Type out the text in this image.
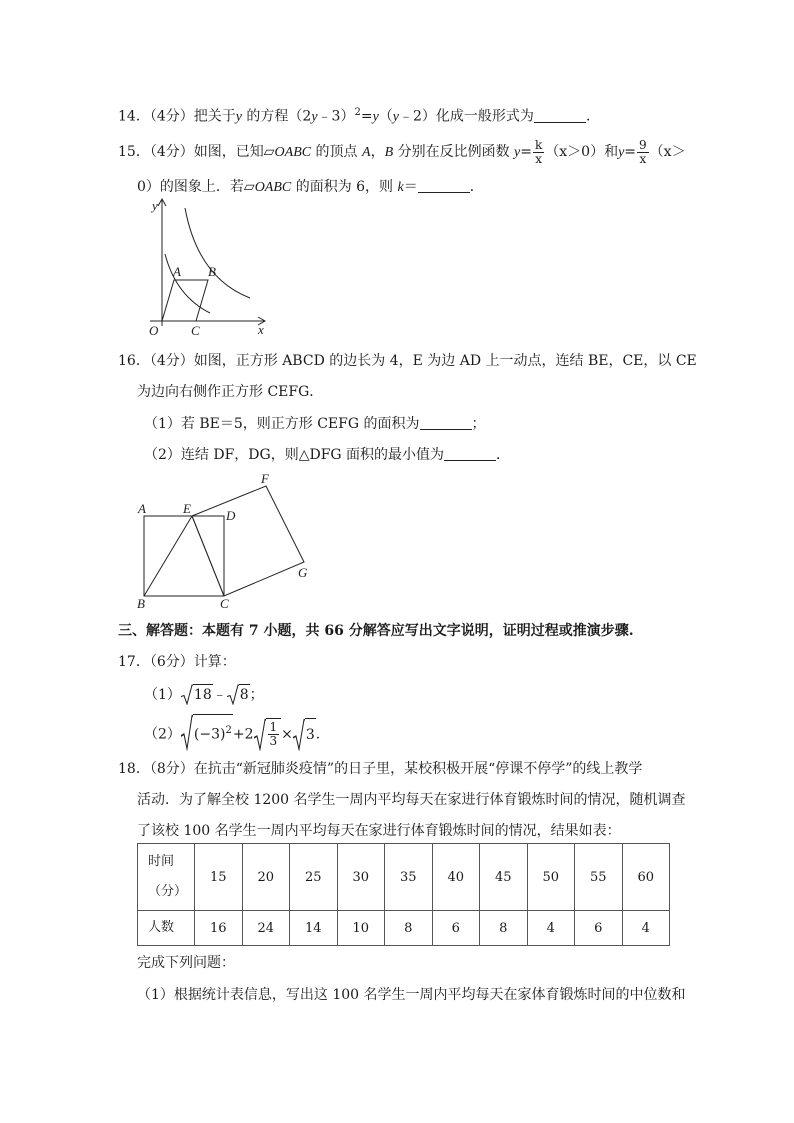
14．（4分）把关于y 的方程（2y﹣3）$^2$=y（y﹣2）化成一般形式为	．
15．（4分）如图，已知▱OABC 的顶点 A，B 分别在反比例函数 $y= \frac{k}{x} (x>0)$和$y= \frac{9}{x} (x>$
0）的图象上．若▱OABC 的面积为 6，则 k＝	．
y
x
O
A B
C
16．（4分）如图，正方形 ABCD 的边长为 4，E 为边 AD 上一动点，连结 BE，CE，以 CE
为边向右侧作正方形 CEFG．
（1）若 BE＝5，则正方形 CEFG 的面积为	；
（2）连结 DF，DG，则△DFG 面积的最小值为	．
A	E	D
F
G
B	C
三、解答题：本题有 7 小题，共 66 分解答应写出文字说明，证明过程或推演步骤.
17．（6分）计算：
（1） 18﹣ 8；
（2） $(-3)^2+2 \frac{1}{3} \times 3$.
18．（8分）在抗击“新冠肺炎疫情”的日子里，某校积极开展“停课不停学”的线上教学
活动．为了解全校 1200 名学生一周内平均每天在家进行体育锻炼时间的情况，随机调查
了该校 100 名学生一周内平均每天在家进行体育锻炼时间的情况，结果如表：
时间（分）	15	20	25	30	35	40	45	50	55	60
人数	16	24	14	10	8	6	8	4	6	4
完成下列问题：
（1）根据统计表信息，写出这 100 名学生一周内平均每天在家体育锻炼时间的中位数和
